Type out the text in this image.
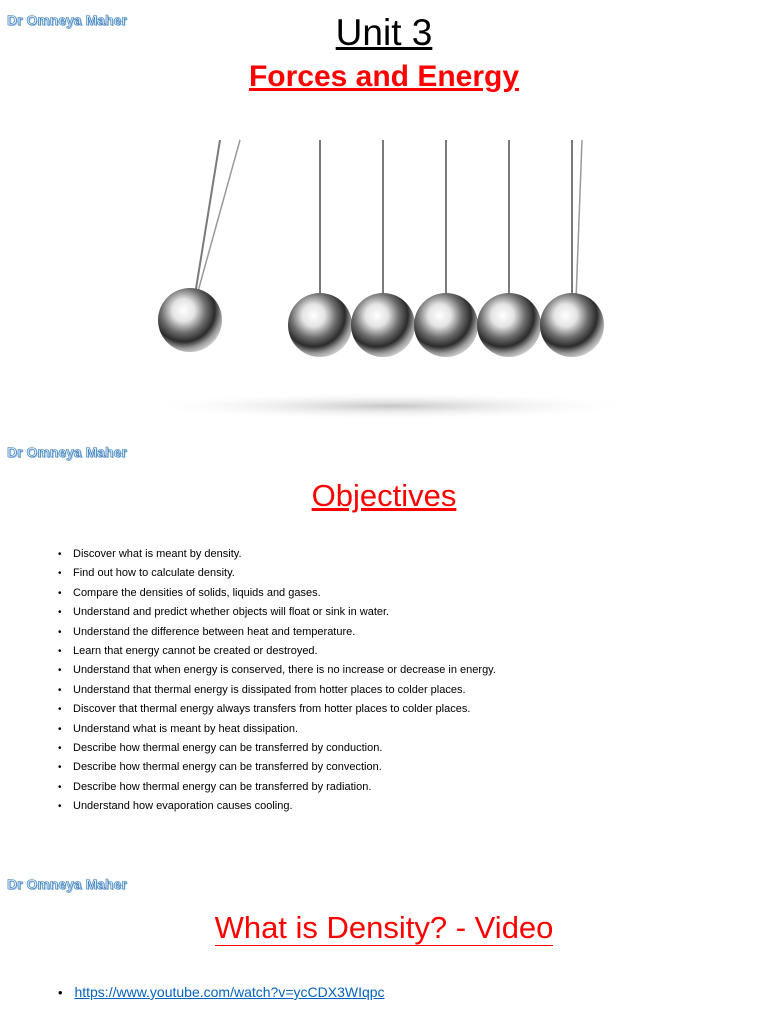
Dr Omneya Maher	Unit 3
Forces and Energy
Dr Omneya Maher
Objectives
• Discover what is meant by density.
• Find out how to calculate density.
• Compare the densities of solids, liquids and gases.
• Understand and predict whether objects will float or sink in water.
• Understand the difference between heat and temperature.
• Learn that energy cannot be created or destroyed.
• Understand that when energy is conserved, there is no increase or decrease in energy.
• Understand that thermal energy is dissipated from hotter places to colder places.
• Discover that thermal energy always transfers from hotter places to colder places.
• Understand what is meant by heat dissipation.
• Describe how thermal energy can be transferred by conduction.
• Describe how thermal energy can be transferred by convection.
• Describe how thermal energy can be transferred by radiation.
• Understand how evaporation causes cooling.
Dr Omneya Maher
What is Density? - Video
• https://www.youtube.com/watch?v=ycCDX3WIqpc
